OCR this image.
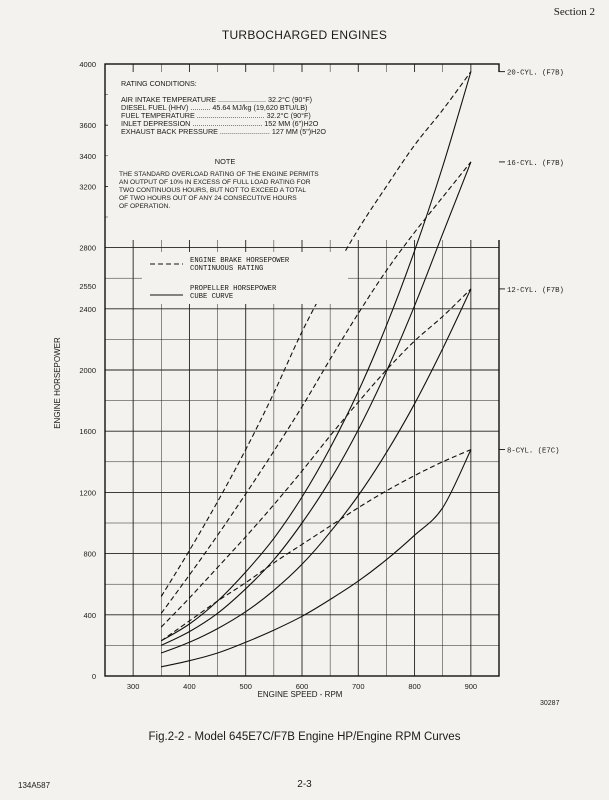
Section 2
TURBOCHARGED ENGINES
0
400
800
1200
1600
2000
2400
2550
2800
3200
3400
3600
4000
300	400	500	600	700	800	900
20-CYL. (F7B)
16-CYL. (F7B)
12-CYL. (F7B)
8-CYL. (E7C)
ENGINE HORSEPOWER
ENGINE SPEED - RPM
RATING CONDITIONS:
AIR INTAKE TEMPERATURE ........................ 32.2°C (90°F)
DIESEL FUEL (HHV) .......... 45.64 MJ/kg (19,620 BTU/LB)
FUEL TEMPERATURE .................................. 32.2°C (90°F)
INLET DEPRESSION ................................... 152 MM (6")H2O
EXHAUST BACK PRESSURE ......................... 127 MM (5")H2O
NOTE
THE STANDARD OVERLOAD RATING OF THE ENGINE PERMITS
AN OUTPUT OF 10% IN EXCESS OF FULL LOAD RATING FOR
TWO CONTINUOUS HOURS, BUT NOT TO EXCEED A TOTAL
OF TWO HOURS OUT OF ANY 24 CONSECUTIVE HOURS
OF OPERATION.
ENGINE BRAKE HORSEPOWER
CONTINUOUS RATING
PROPELLER HORSEPOWER
CUBE CURVE
30287
Fig.2-2 - Model 645E7C/F7B Engine HP/Engine RPM Curves
134A587	2-3
